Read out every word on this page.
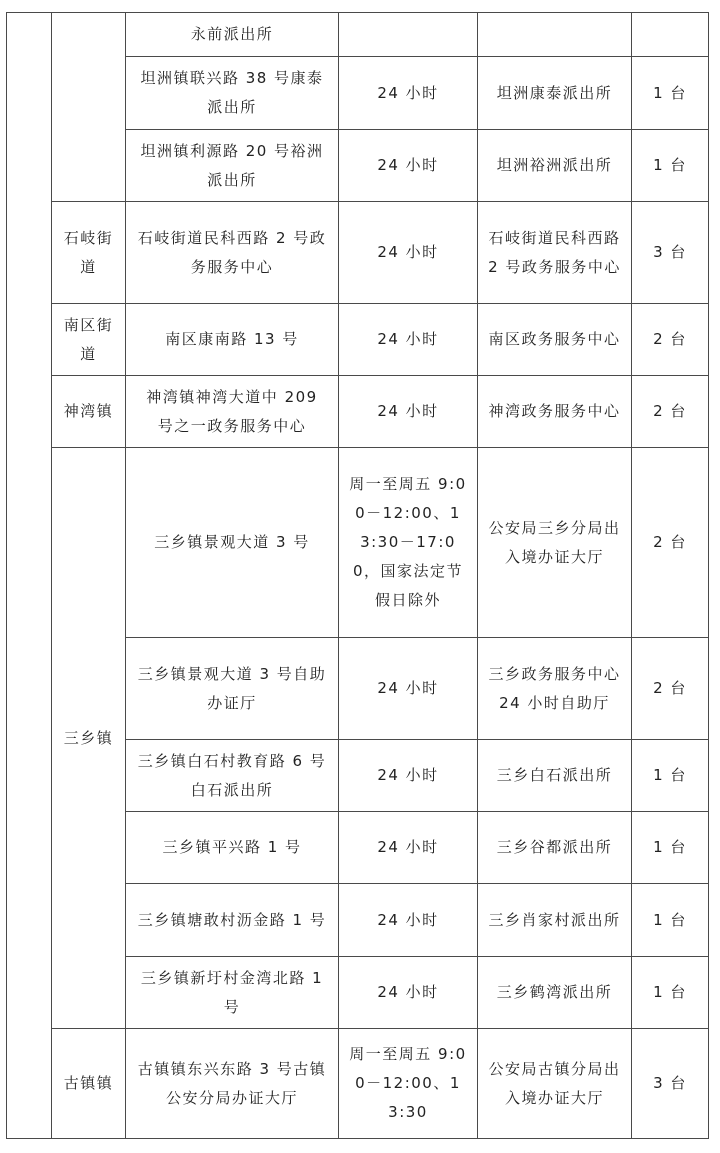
		永前派出所			
		坦洲镇联兴路 38 号康泰派出所	24 小时	坦洲康泰派出所	1 台
		坦洲镇利源路 20 号裕洲派出所	24 小时	坦洲裕洲派出所	1 台
	石岐街道	石岐街道民科西路 2 号政务服务中心	24 小时	石岐街道民科西路 2 号政务服务中心	3 台
	南区街道	南区康南路 13 号	24 小时	南区政务服务中心	2 台
	神湾镇	神湾镇神湾大道中 209 号之一政务服务中心	24 小时	神湾政务服务中心	2 台
	三乡镇	三乡镇景观大道 3 号	周一至周五 9:00－12:00、13:30－17:00，国家法定节假日除外	公安局三乡分局出入境办证大厅	2 台
		三乡镇景观大道 3 号自助办证厅	24 小时	三乡政务服务中心 24 小时自助厅	2 台
		三乡镇白石村教育路 6 号白石派出所	24 小时	三乡白石派出所	1 台
		三乡镇平兴路 1 号	24 小时	三乡谷都派出所	1 台
		三乡镇塘敢村沥金路 1 号	24 小时	三乡肖家村派出所	1 台
		三乡镇新圩村金湾北路 1 号	24 小时	三乡鹤湾派出所	1 台
	古镇镇	古镇镇东兴东路 3 号古镇公安分局办证大厅	周一至周五 9:00－12:00、13:30	公安局古镇分局出入境办证大厅	3 台
